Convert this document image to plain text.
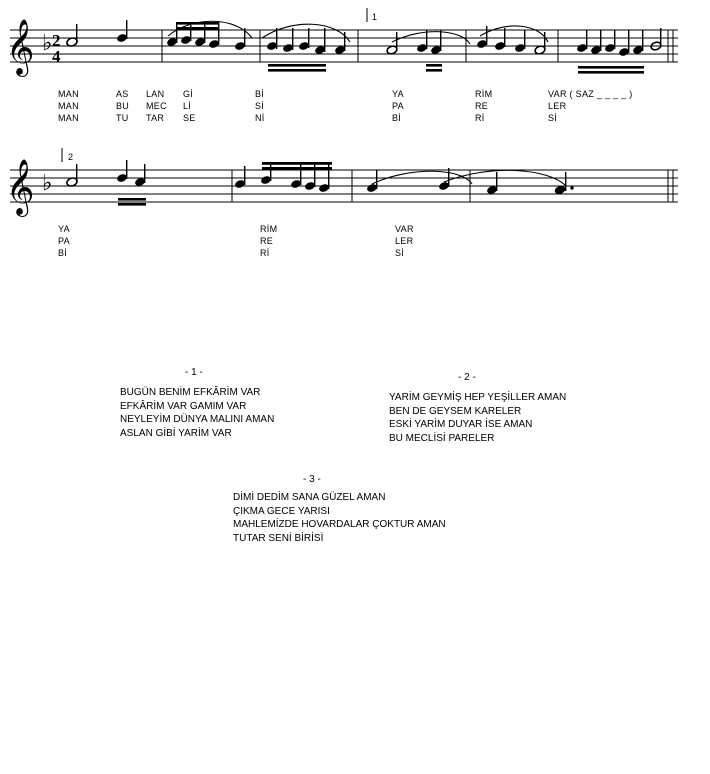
𝄞 ♭ 2
4
1
MAN	AS LAN Gİ	Bİ	YA	RİM	VAR ( SAZ _ _ _ _ )
MAN	BU MEC Lİ	Sİ	PA	RE	LER
MAN	TU TAR SE	Nİ	Bİ	Rİ	Sİ
𝄞 ♭
2
YA	RİM	VAR
PA	RE	LER
Bİ	Rİ	Sİ
- 1 -
BUGÜN BENİM EFKÂRİM VAR
EFKÂRİM VAR GAMIM VAR
NEYLEYİM DÜNYA MALINI AMAN
ASLAN GİBİ YARİM VAR
- 2 -
YARİM GEYMİŞ HEP YEŞİLLER AMAN
BEN DE GEYSEM KARELER
ESKİ YARİM DUYAR İSE AMAN
BU MECLİSİ PARELER
- 3 -
DİMİ DEDİM SANA GÜZEL AMAN
ÇIKMA GECE YARISI
MAHLEMİZDE HOVARDALAR ÇOKTUR AMAN
TUTAR SENİ BİRİSİ
